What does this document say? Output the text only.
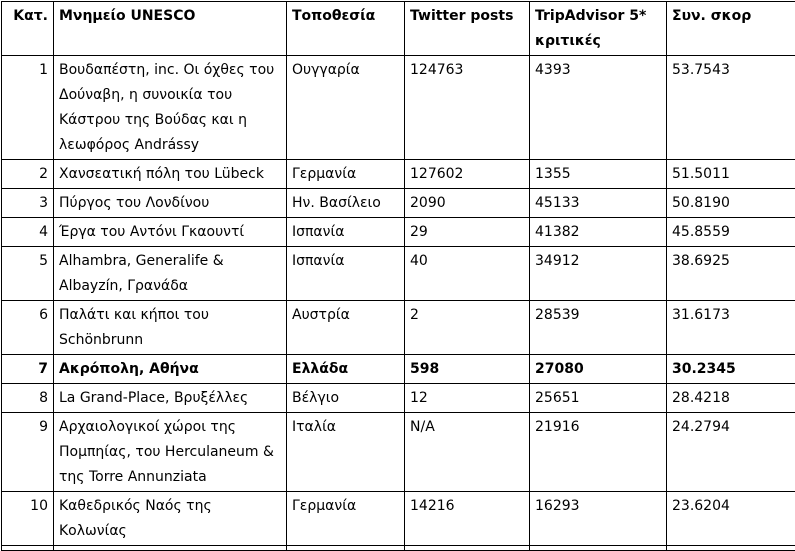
Κατ.	Μνημείο UNESCO	Τοποθεσία	Twitter posts	TripAdvisor 5* κριτικές	Συν. σκορ
1	Βουδαπέστη, inc. Οι όχθες του Δούναβη, η συνοικία του Κάστρου της Βούδας και η λεωφόρος Andrássy	Ουγγαρία	124763	4393	53.7543
2	Χανσεατική πόλη του Lübeck	Γερμανία	127602	1355	51.5011
3	Πύργος του Λονδίνου	Ην. Βασίλειο	2090	45133	50.8190
4	Έργα του Αντόνι Γκαουντί	Ισπανία	29	41382	45.8559
5	Alhambra, Generalife & Albayzín, Γρανάδα	Ισπανία	40	34912	38.6925
6	Παλάτι και κήποι του Schönbrunn	Αυστρία	2	28539	31.6173
7	Ακρόπολη, Αθήνα	Ελλάδα	598	27080	30.2345
8	La Grand-Place, Βρυξέλλες	Βέλγιο	12	25651	28.4218
9	Αρχαιολογικοί χώροι της Πομπηίας, του Herculaneum & της Torre Annunziata	Ιταλία	N/A	21916	24.2794
10	Καθεδρικός Ναός της Κολωνίας	Γερμανία	14216	16293	23.6204
